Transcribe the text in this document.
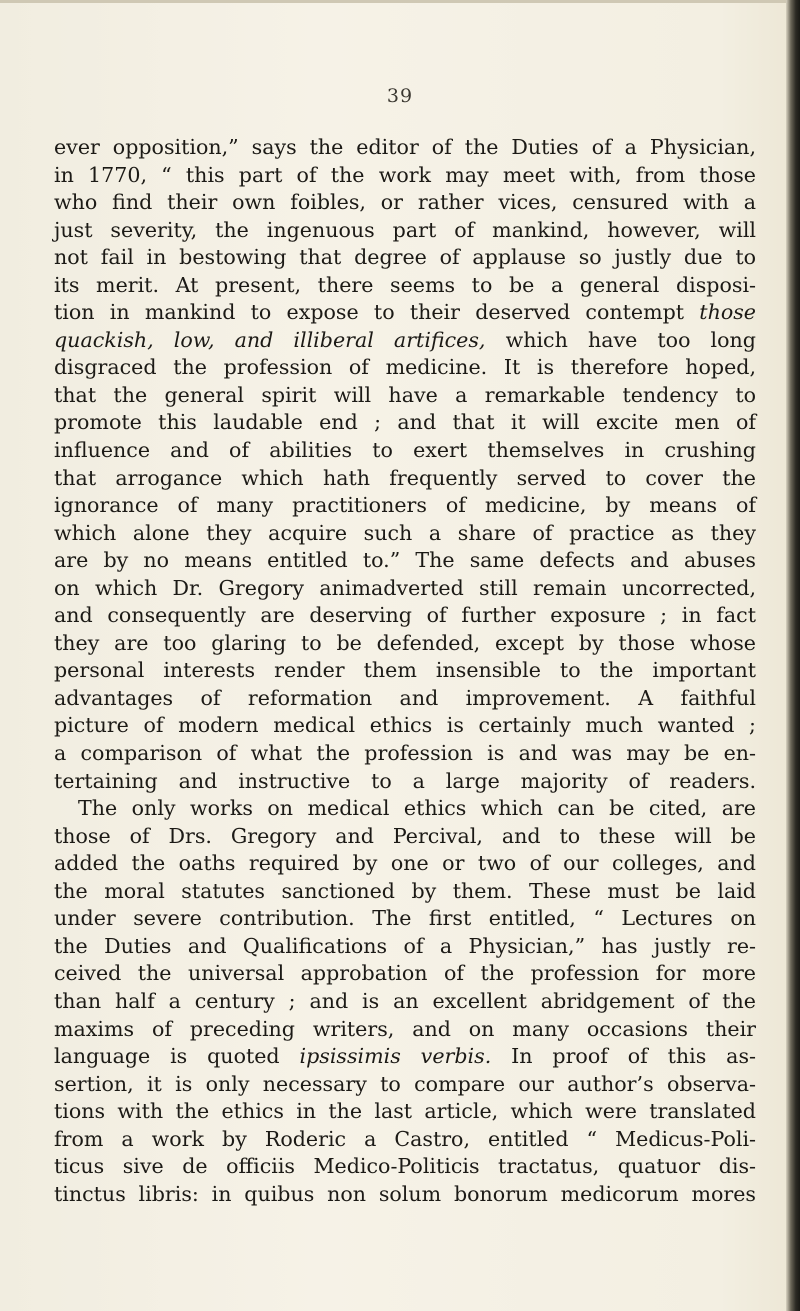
39
ever opposition,” says the editor of the Duties of a Physician,
in 1770, “ this part of the work may meet with, from those
who find their own foibles, or rather vices, censured with a
just severity, the ingenuous part of mankind, however, will
not fail in bestowing that degree of applause so justly due to
its merit. At present, there seems to be a general disposi-
tion in mankind to expose to their deserved contempt those
quackish, low, and illiberal artifices, which have too long
disgraced the profession of medicine. It is therefore hoped,
that the general spirit will have a remarkable tendency to
promote this laudable end ; and that it will excite men of
influence and of abilities to exert themselves in crushing
that arrogance which hath frequently served to cover the
ignorance of many practitioners of medicine, by means of
which alone they acquire such a share of practice as they
are by no means entitled to.” The same defects and abuses
on which Dr. Gregory animadverted still remain uncorrected,
and consequently are deserving of further exposure ; in fact
they are too glaring to be defended, except by those whose
personal interests render them insensible to the important
advantages of reformation and improvement. A faithful
picture of modern medical ethics is certainly much wanted ;
a comparison of what the profession is and was may be en-
tertaining and instructive to a large majority of readers.
The only works on medical ethics which can be cited, are
those of Drs. Gregory and Percival, and to these will be
added the oaths required by one or two of our colleges, and
the moral statutes sanctioned by them. These must be laid
under severe contribution. The first entitled, “ Lectures on
the Duties and Qualifications of a Physician,” has justly re-
ceived the universal approbation of the profession for more
than half a century ; and is an excellent abridgement of the
maxims of preceding writers, and on many occasions their
language is quoted ipsissimis verbis. In proof of this as-
sertion, it is only necessary to compare our author’s observa-
tions with the ethics in the last article, which were translated
from a work by Roderic a Castro, entitled “ Medicus-Poli-
ticus sive de officiis Medico-Politicis tractatus, quatuor dis-
tinctus libris: in quibus non solum bonorum medicorum mores
